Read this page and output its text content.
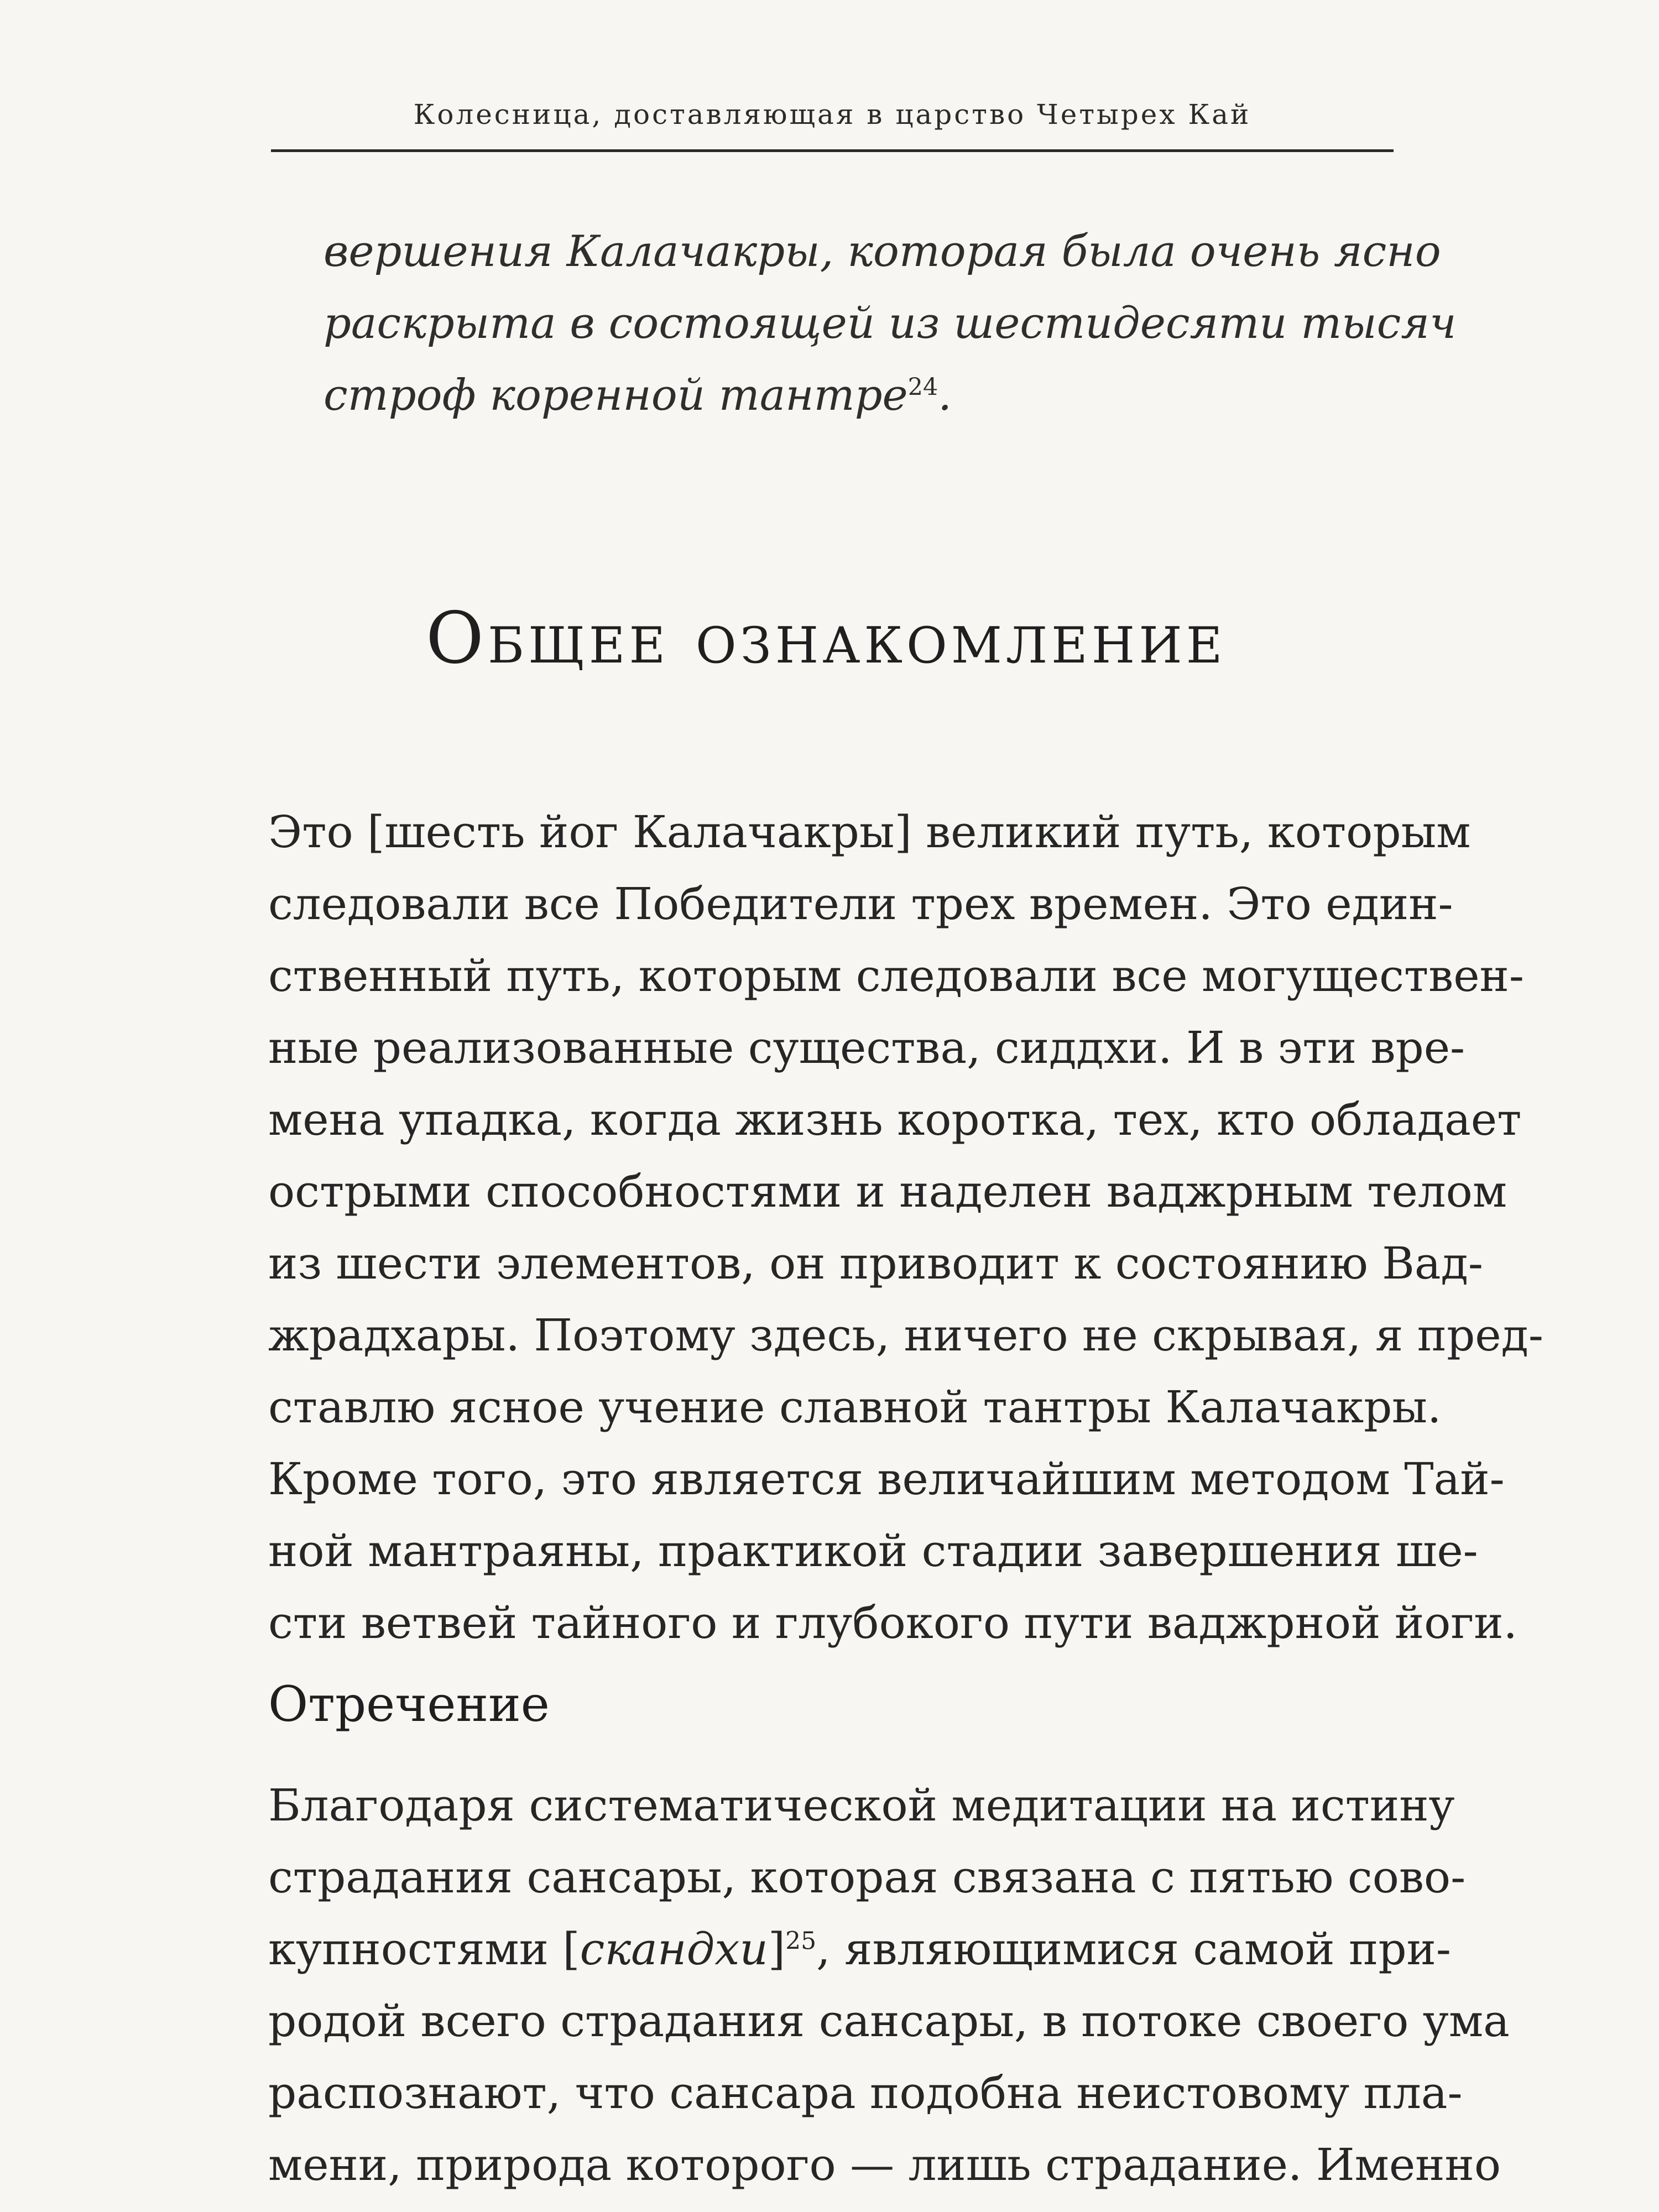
Колесница, доставляющая в царство Четырех Кай
вершения Калачакры, которая была очень ясно
раскрыта в состоящей из шестидесяти тысяч
строф коренной тантре$^{24}$.
Общее ознакомление
Это [шесть йог Калачакры] великий путь, которым
следовали все Победители трех времен. Это един-
ственный путь, которым следовали все могуществен-
ные реализованные существа, сиддхи. И в эти вре-
мена упадка, когда жизнь коротка, тех, кто обладает
острыми способностями и наделен ваджрным телом
из шести элементов, он приводит к состоянию Вад-
жрадхары. Поэтому здесь, ничего не скрывая, я пред-
ставлю ясное учение славной тантры Калачакры.
Кроме того, это является величайшим методом Тай-
ной мантраяны, практикой стадии завершения ше-
сти ветвей тайного и глубокого пути ваджрной йоги.
Отречение
Благодаря систематической медитации на истину
страдания сансары, которая связана с пятью сово-
купностями [скандхи]$^{25}$, являющимися самой при-
родой всего страдания сансары, в потоке своего ума
распознают, что сансара подобна неистовому пла-
мени, природа которого — лишь страдание. Именно
